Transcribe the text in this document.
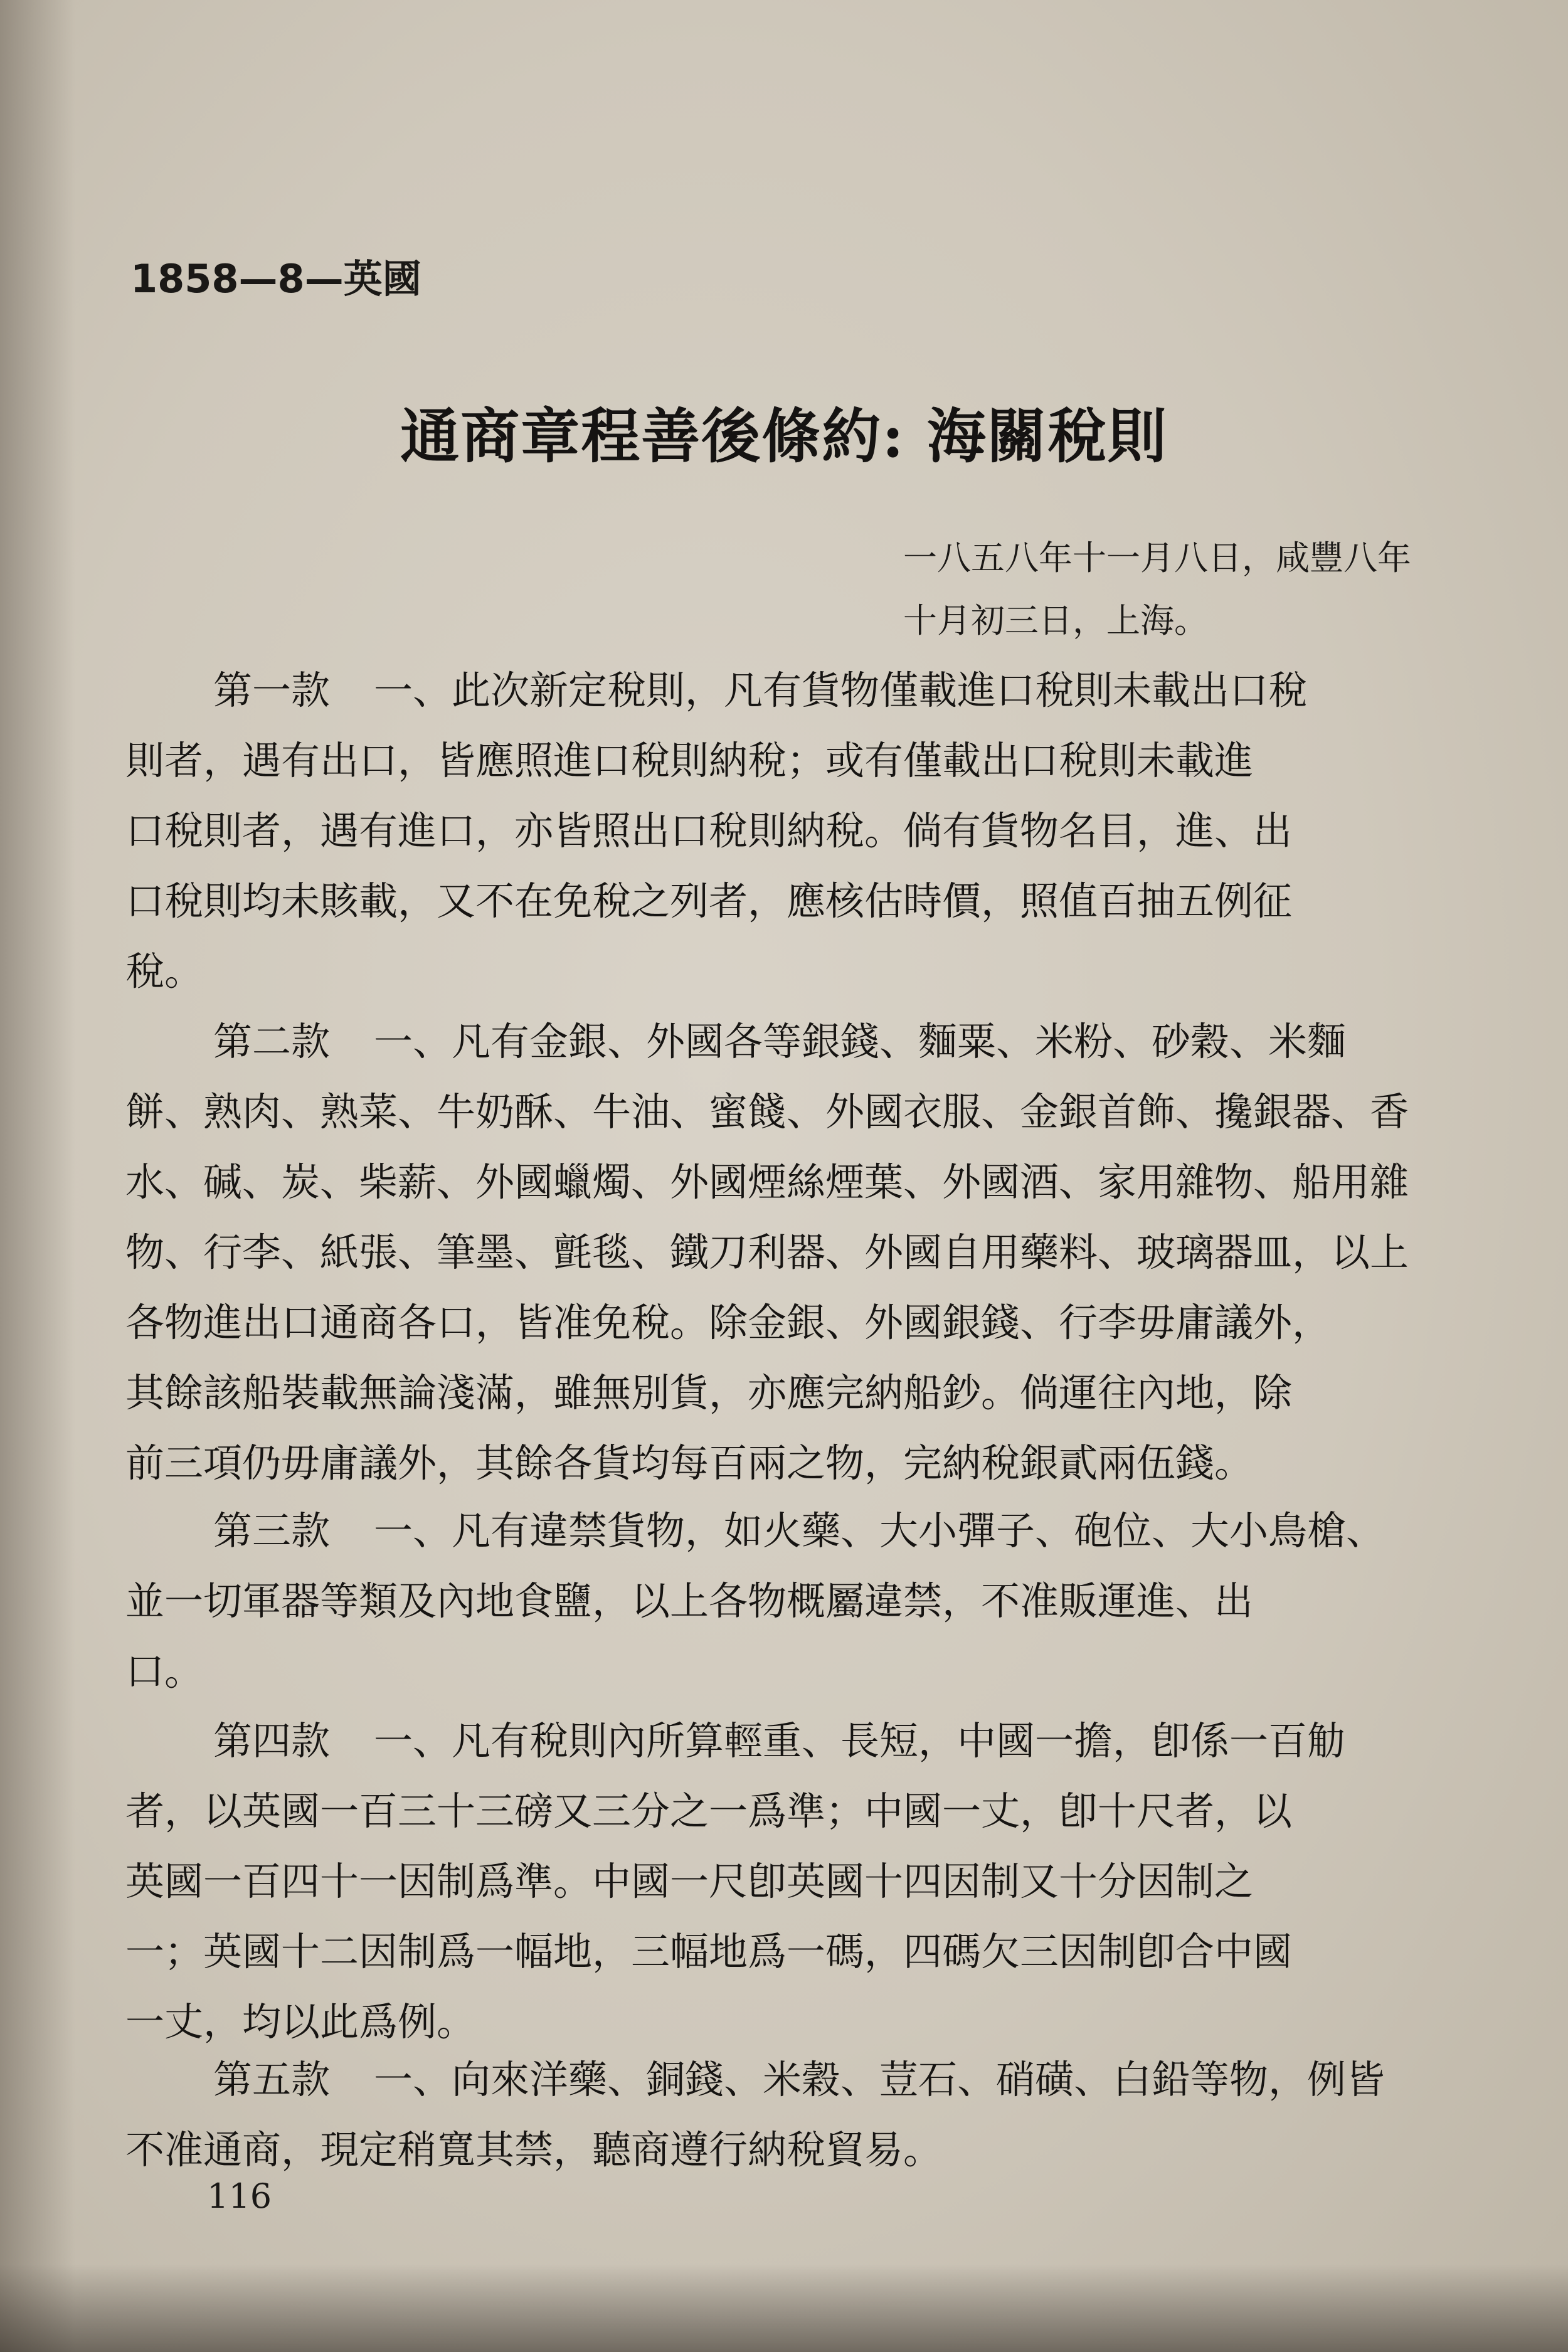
1858—8—英國
通商章程善後條約: 海關稅則
一八五八年十一月八日，咸豐八年
十月初三日，上海。
第一款 一、此次新定稅則，凡有貨物僅載進口稅則未載出口稅
則者，遇有出口，皆應照進口稅則納稅；或有僅載出口稅則未載進
口稅則者，遇有進口，亦皆照出口稅則納稅。倘有貨物名目，進、出
口稅則均未賅載，又不在免稅之列者，應核估時價，照值百抽五例征
稅。
第二款 一、凡有金銀、外國各等銀錢、麵粟、米粉、砂穀、米麵
餅、熟肉、熟菜、牛奶酥、牛油、蜜餞、外國衣服、金銀首飾、攙銀器、香
水、碱、炭、柴薪、外國蠟燭、外國煙絲煙葉、外國酒、家用雜物、船用雜
物、行李、紙張、筆墨、氈毯、鐵刀利器、外國自用藥料、玻璃器皿，以上
各物進出口通商各口，皆准免稅。除金銀、外國銀錢、行李毋庸議外，
其餘該船裝載無論淺滿，雖無別貨，亦應完納船鈔。倘運往內地，除
前三項仍毋庸議外，其餘各貨均每百兩之物，完納稅銀貳兩伍錢。
第三款 一、凡有違禁貨物，如火藥、大小彈子、砲位、大小鳥槍、
並一切軍器等類及內地食鹽，以上各物概屬違禁，不准販運進、出
口。
第四款 一、凡有稅則內所算輕重、長短，中國一擔，卽係一百觔
者，以英國一百三十三磅又三分之一爲準；中國一丈，卽十尺者，以
英國一百四十一因制爲準。中國一尺卽英國十四因制又十分因制之
一；英國十二因制爲一幅地，三幅地爲一碼，四碼欠三因制卽合中國
一丈，均以此爲例。
第五款 一、向來洋藥、銅錢、米穀、荳石、硝磺、白鉛等物，例皆
不准通商，現定稍寬其禁，聽商遵行納稅貿易。
116
